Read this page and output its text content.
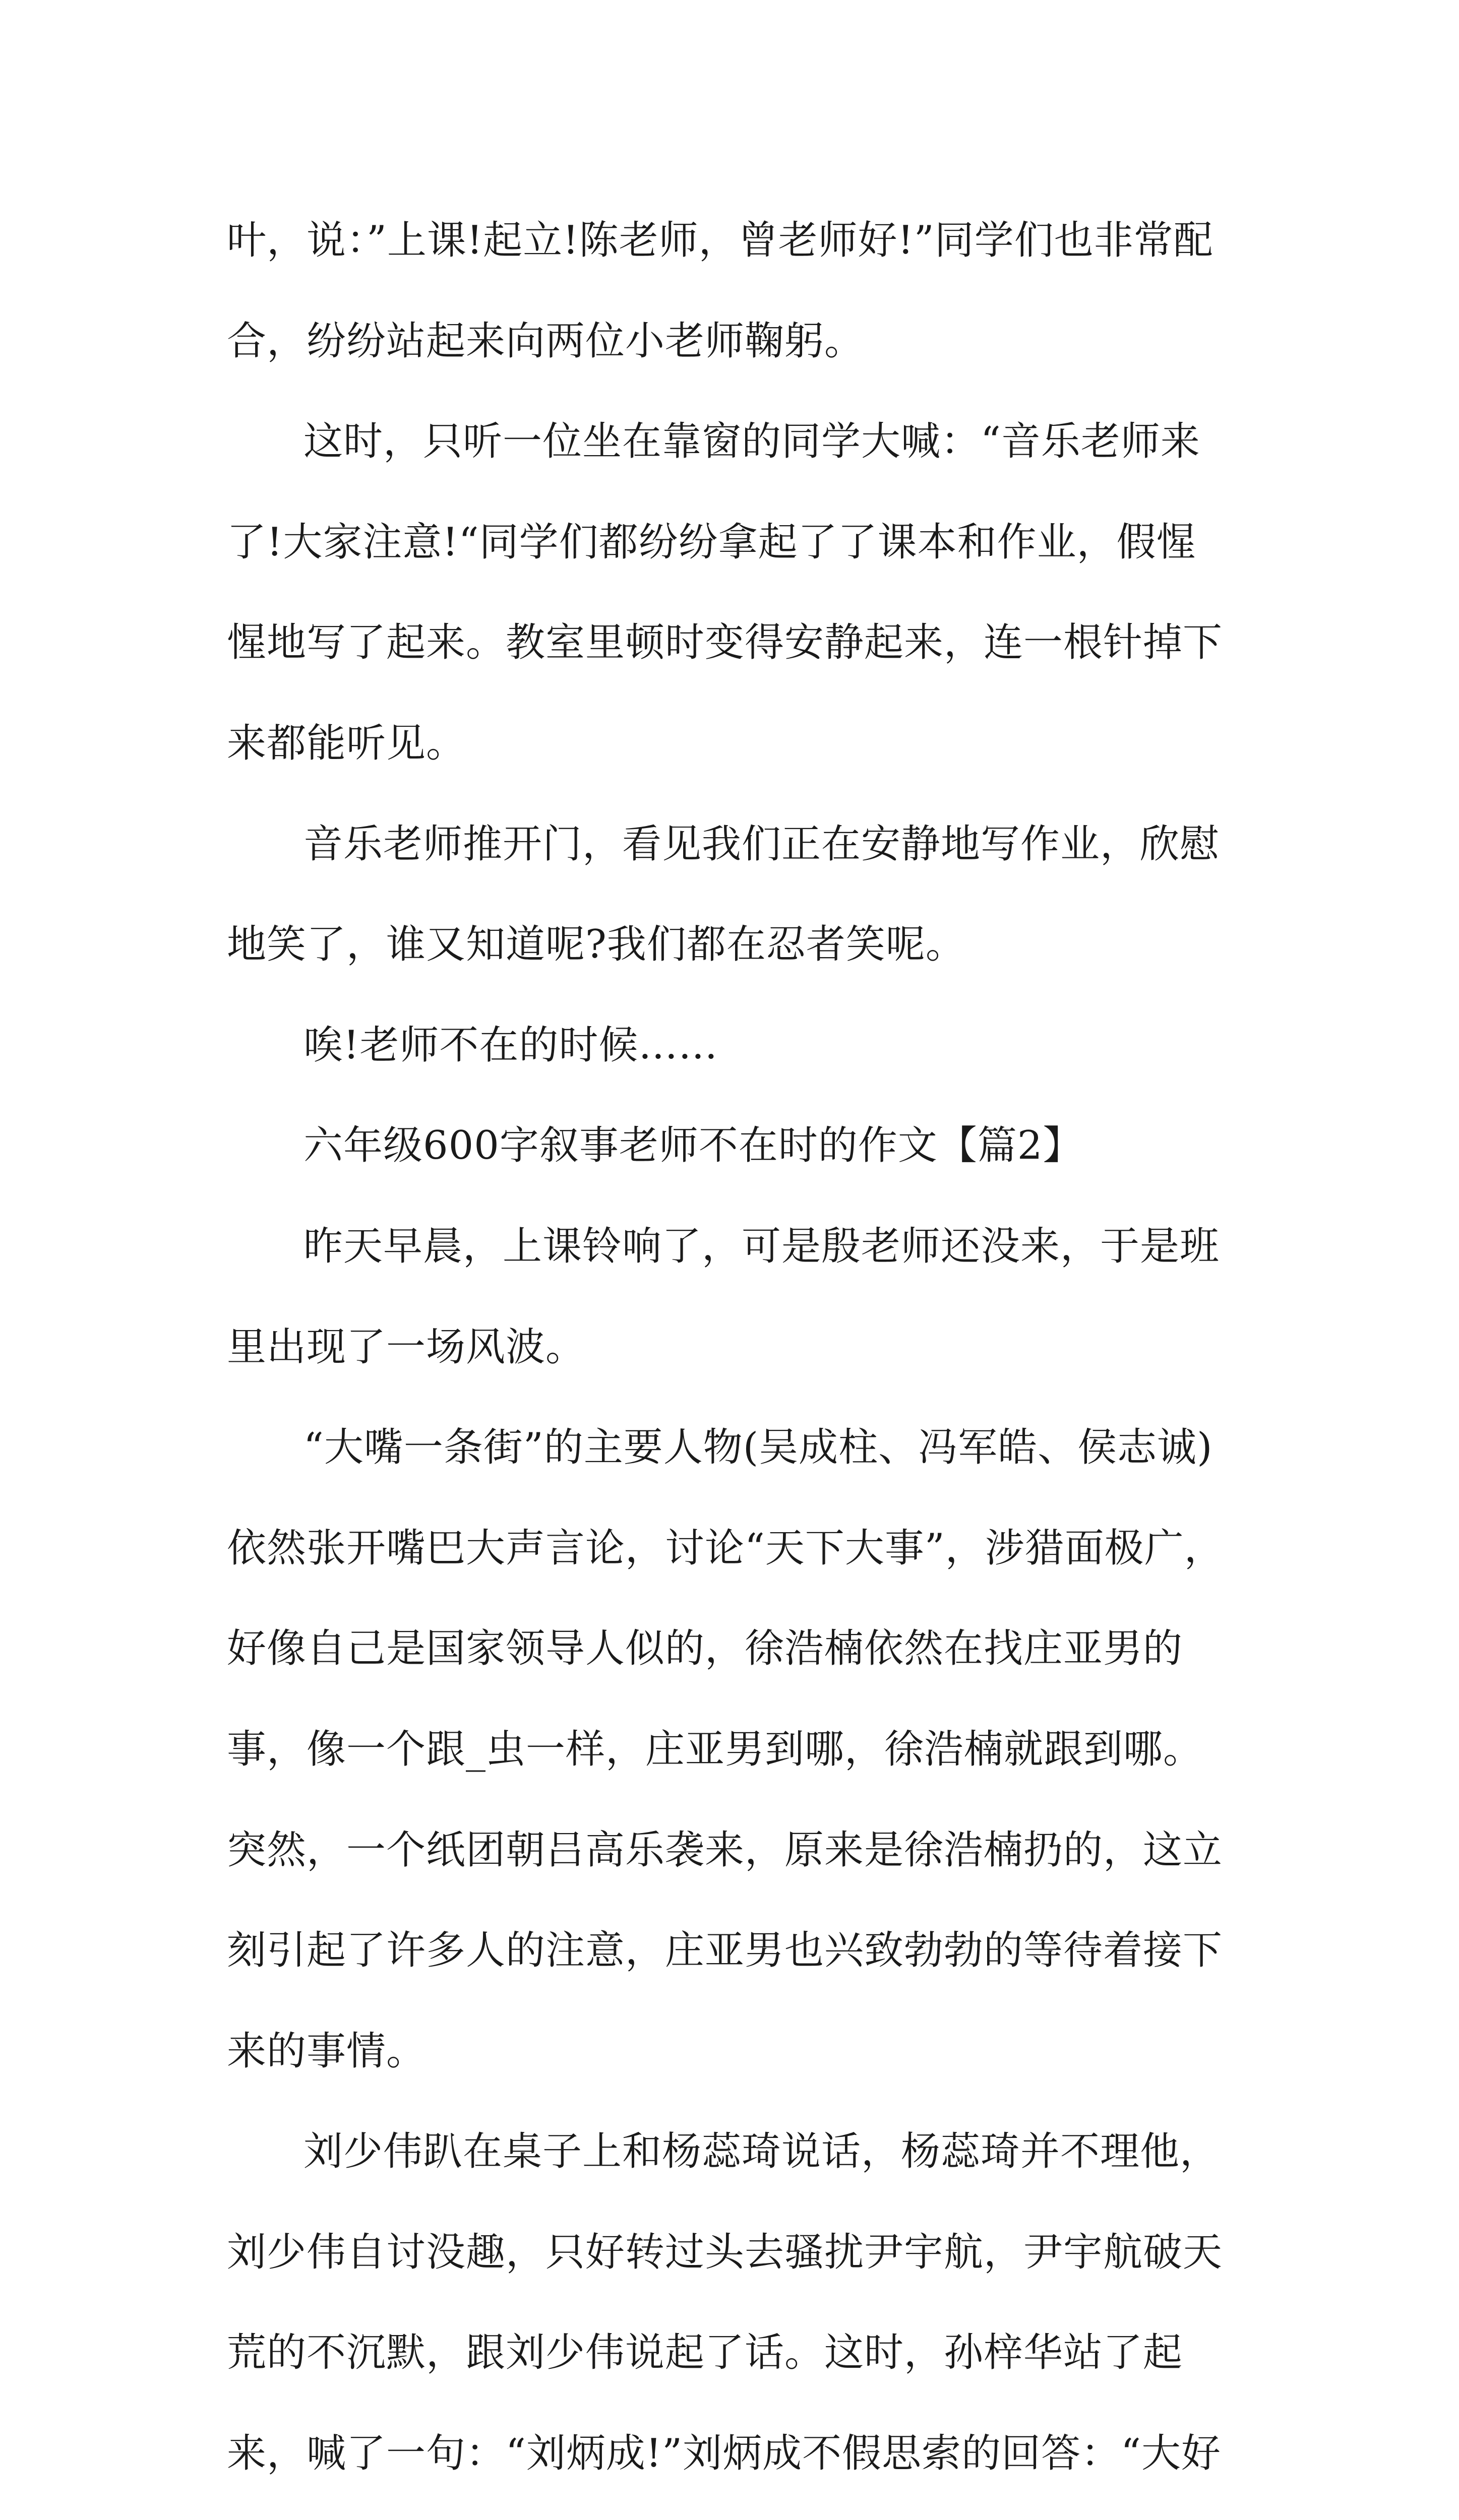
叶，说：”上课!起立!陈老师，曾老师好!”同学们也非常配合，纷纷站起来向两位小老师鞠躬。

这时，只听一位坐在靠窗的同学大喊：“音乐老师来了!大家注意!“同学们都纷纷拿起了了课本和作业，假惺惺地写了起来。教室里顿时变得安静起来，连一根针掉下来都能听见。

音乐老师推开门，看见我们正在安静地写作业，欣慰地笑了，谁又知道呢?我们都在忍者笑呢。

唉!老师不在的时候……

六年级600字叙事老师不在时的作文【篇2】

昨天早晨，上课铃响了，可是殷老师还没来，于是班里出现了一场风波。

“大嘴一条街”的主要人物(吴成柱、冯军皓、侯志诚)依然张开嘴巴大声言论，讨论“天下大事”，涉猎面极广，好像自己是国家领导人似的，徐浩楠依然在找庄亚男的事，像一个跟_虫一样，庄亚男到哪，徐浩楠就跟到哪。突然，一个纸团朝吕高乐袭来，原来是徐浩楠扔的，这立刻引起了许多人的注意，庄亚男也兴致勃勃的等待着接下来的事情。

刘少伟趴在桌子上和杨蕊琦说话，杨蕊琦并不理他，刘少伟自讨没趣，只好转过头去骚扰尹宇航，尹宇航破天荒的不沉默，跟刘少伟说起了话。这时，孙梓华站了起来，喊了一句：“刘炳成!”刘炳成不假思索的回答：“大好
